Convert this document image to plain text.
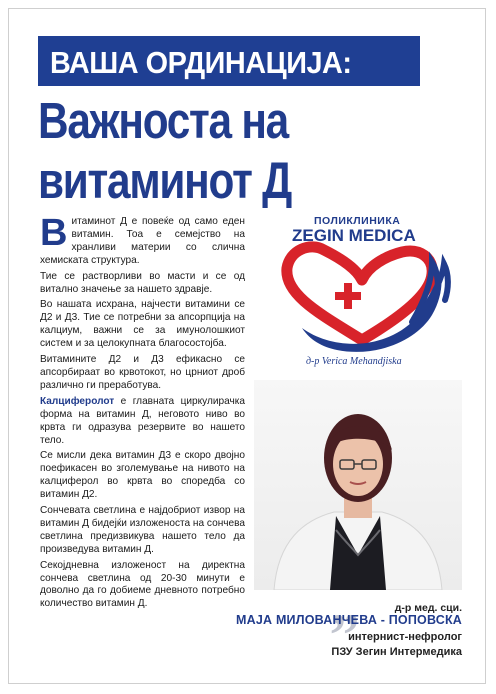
ВАША ОРДИНАЦИЈА:
Важноста на
витаминот Д

Витаминот Д е повеќе од само еден витамин. Тоа е семејство на хранливи материи со слична хемиската структура.

Тие се растворливи во масти и се од витално значење за нашето здравје.

Во нашата исхрана, најчести витамини се Д2 и Д3. Тие се потребни за апсорпција на калциум, важни се за имунолошкиот систем и за целокупната благосостојба.

Витамините Д2 и Д3 ефикасно се апсорбираат во крвотокот, но црниот дроб различно ги преработува.

Калциферолот е главната циркулирачка форма на витамин Д, неговото ниво во крвта ги одразува резервите во нашето тело.

Се мисли дека витамин Д3 е скоро двојно поефикасен во зголемување на нивото на калциферол во крвта во споредба со витамин Д2.

Сончевата светлина е најдобриот извор на витамин Д бидејќи изложеноста на сончева светлина предизвикува нашето тело да произведува витамин Д.

Секојдневна изложеност на директна сончева светлина од 20-30 минути е доволно да го добиеме дневното потребно количество витамин Д.

ПОЛИКЛИНИКА
ZEGIN MEDICA
д-р Verica Mehandjiska
„	д-р мед. сци.
МАЈА МИЛОВАНЧЕВА - ПОПОВСКА
интернист-нефролог
ПЗУ Зегин Интермедика
